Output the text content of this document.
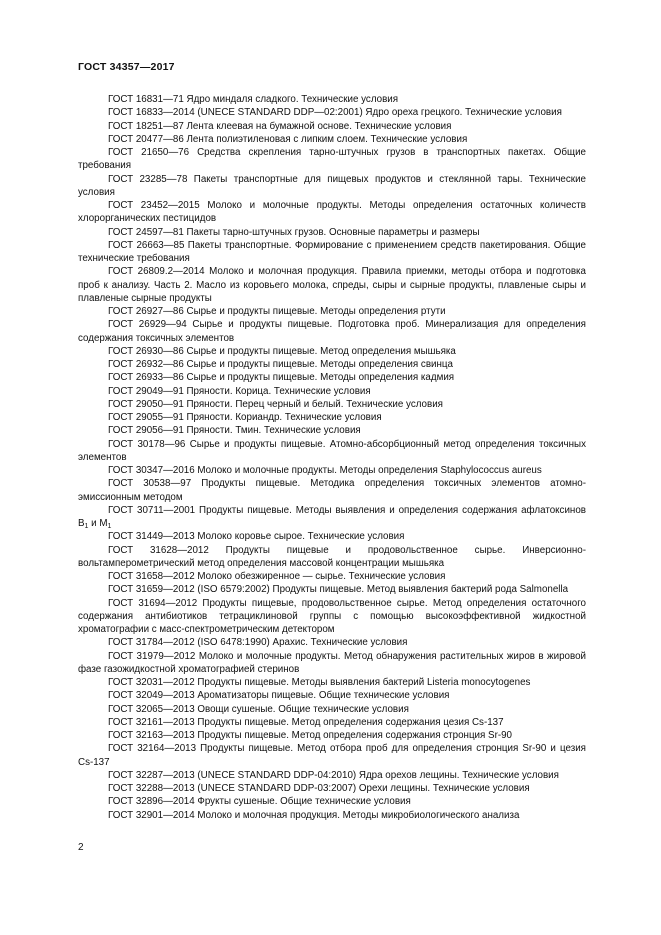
ГОСТ 34357—2017

ГОСТ 16831—71 Ядро миндаля сладкого. Технические условия

ГОСТ 16833—2014 (UNECE STANDARD DDP—02:2001) Ядро ореха грецкого. Технические условия

ГОСТ 18251—87 Лента клеевая на бумажной основе. Технические условия

ГОСТ 20477—86 Лента полиэтиленовая с липким слоем. Технические условия

ГОСТ 21650—76 Средства скрепления тарно-штучных грузов в транспортных пакетах. Общие требования

ГОСТ 23285—78 Пакеты транспортные для пищевых продуктов и стеклянной тары. Технические условия

ГОСТ 23452—2015 Молоко и молочные продукты. Методы определения остаточных количеств хлорорганических пестицидов

ГОСТ 24597—81 Пакеты тарно-штучных грузов. Основные параметры и размеры

ГОСТ 26663—85 Пакеты транспортные. Формирование с применением средств пакетирования. Общие технические требования

ГОСТ 26809.2—2014 Молоко и молочная продукция. Правила приемки, методы отбора и подготовка проб к анализу. Часть 2. Масло из коровьего молока, спреды, сыры и сырные продукты, плавленые сыры и плавленые сырные продукты

ГОСТ 26927—86 Сырье и продукты пищевые. Методы определения ртути

ГОСТ 26929—94 Сырье и продукты пищевые. Подготовка проб. Минерализация для определения содержания токсичных элементов

ГОСТ 26930—86 Сырье и продукты пищевые. Метод определения мышьяка

ГОСТ 26932—86 Сырье и продукты пищевые. Методы определения свинца

ГОСТ 26933—86 Сырье и продукты пищевые. Методы определения кадмия

ГОСТ 29049—91 Пряности. Корица. Технические условия

ГОСТ 29050—91 Пряности. Перец черный и белый. Технические условия

ГОСТ 29055—91 Пряности. Кориандр. Технические условия

ГОСТ 29056—91 Пряности. Тмин. Технические условия

ГОСТ 30178—96 Сырье и продукты пищевые. Атомно-абсорбционный метод определения токсичных элементов

ГОСТ 30347—2016 Молоко и молочные продукты. Методы определения Staphylococcus aureus

ГОСТ 30538—97 Продукты пищевые. Методика определения токсичных элементов атомно-эмиссионным методом

ГОСТ 30711—2001 Продукты пищевые. Методы выявления и определения содержания афлатоксинов $B_1$ и $M_1$

ГОСТ 31449—2013 Молоко коровье сырое. Технические условия

ГОСТ 31628—2012 Продукты пищевые и продовольственное сырье. Инверсионно-вольтамперометрический метод определения массовой концентрации мышьяка

ГОСТ 31658—2012 Молоко обезжиренное — сырье. Технические условия

ГОСТ 31659—2012 (ISO 6579:2002) Продукты пищевые. Метод выявления бактерий рода Salmonella

ГОСТ 31694—2012 Продукты пищевые, продовольственное сырье. Метод определения остаточного содержания антибиотиков тетрациклиновой группы с помощью высокоэффективной жидкостной хроматографии с масс-спектрометрическим детектором

ГОСТ 31784—2012 (ISO 6478:1990) Арахис. Технические условия

ГОСТ 31979—2012 Молоко и молочные продукты. Метод обнаружения растительных жиров в жировой фазе газожидкостной хроматографией стеринов

ГОСТ 32031—2012 Продукты пищевые. Методы выявления бактерий Listeria monocytogenes

ГОСТ 32049—2013 Ароматизаторы пищевые. Общие технические условия

ГОСТ 32065—2013 Овощи сушеные. Общие технические условия

ГОСТ 32161—2013 Продукты пищевые. Метод определения содержания цезия Cs-137

ГОСТ 32163—2013 Продукты пищевые. Метод определения содержания стронция Sr-90

ГОСТ 32164—2013 Продукты пищевые. Метод отбора проб для определения стронция Sr-90 и цезия Cs-137

ГОСТ 32287—2013 (UNECE STANDARD DDP-04:2010) Ядра орехов лещины. Технические условия

ГОСТ 32288—2013 (UNECE STANDARD DDP-03:2007) Орехи лещины. Технические условия

ГОСТ 32896—2014 Фрукты сушеные. Общие технические условия

ГОСТ 32901—2014 Молоко и молочная продукция. Методы микробиологического анализа

2
